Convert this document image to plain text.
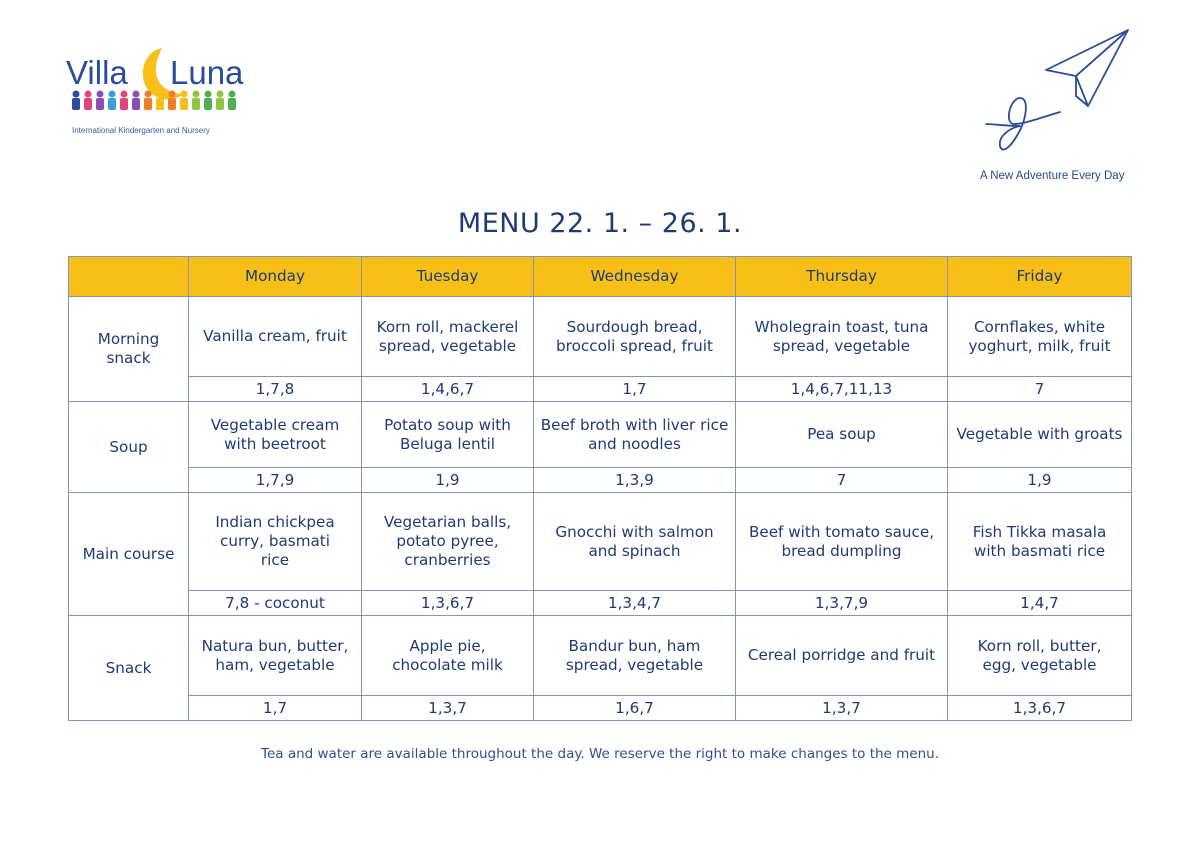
Villa Luna
International Kindergarten and Nursery
A New Adventure Every Day
MENU 22. 1. – 26. 1.
	Monday	Tuesday	Wednesday	Thursday	Friday
Morning snack	Vanilla cream, fruit	Korn roll, mackerel spread, vegetable	Sourdough bread, broccoli spread, fruit	Wholegrain toast, tuna spread, vegetable	Cornflakes, white yoghurt, milk, fruit
	1,7,8	1,4,6,7	1,7	1,4,6,7,11,13	7
Soup	Vegetable cream with beetroot	Potato soup with Beluga lentil	Beef broth with liver rice and noodles	Pea soup	Vegetable with groats
	1,7,9	1,9	1,3,9	7	1,9
Main course	Indian chickpea curry, basmati rice	Vegetarian balls, potato pyree, cranberries	Gnocchi with salmon and spinach	Beef with tomato sauce, bread dumpling	Fish Tikka masala with basmati rice
	7,8 - coconut	1,3,6,7	1,3,4,7	1,3,7,9	1,4,7
Snack	Natura bun, butter, ham, vegetable	Apple pie, chocolate milk	Bandur bun, ham spread, vegetable	Cereal porridge and fruit	Korn roll, butter, egg, vegetable
	1,7	1,3,7	1,6,7	1,3,7	1,3,6,7
Tea and water are available throughout the day. We reserve the right to make changes to the menu.
